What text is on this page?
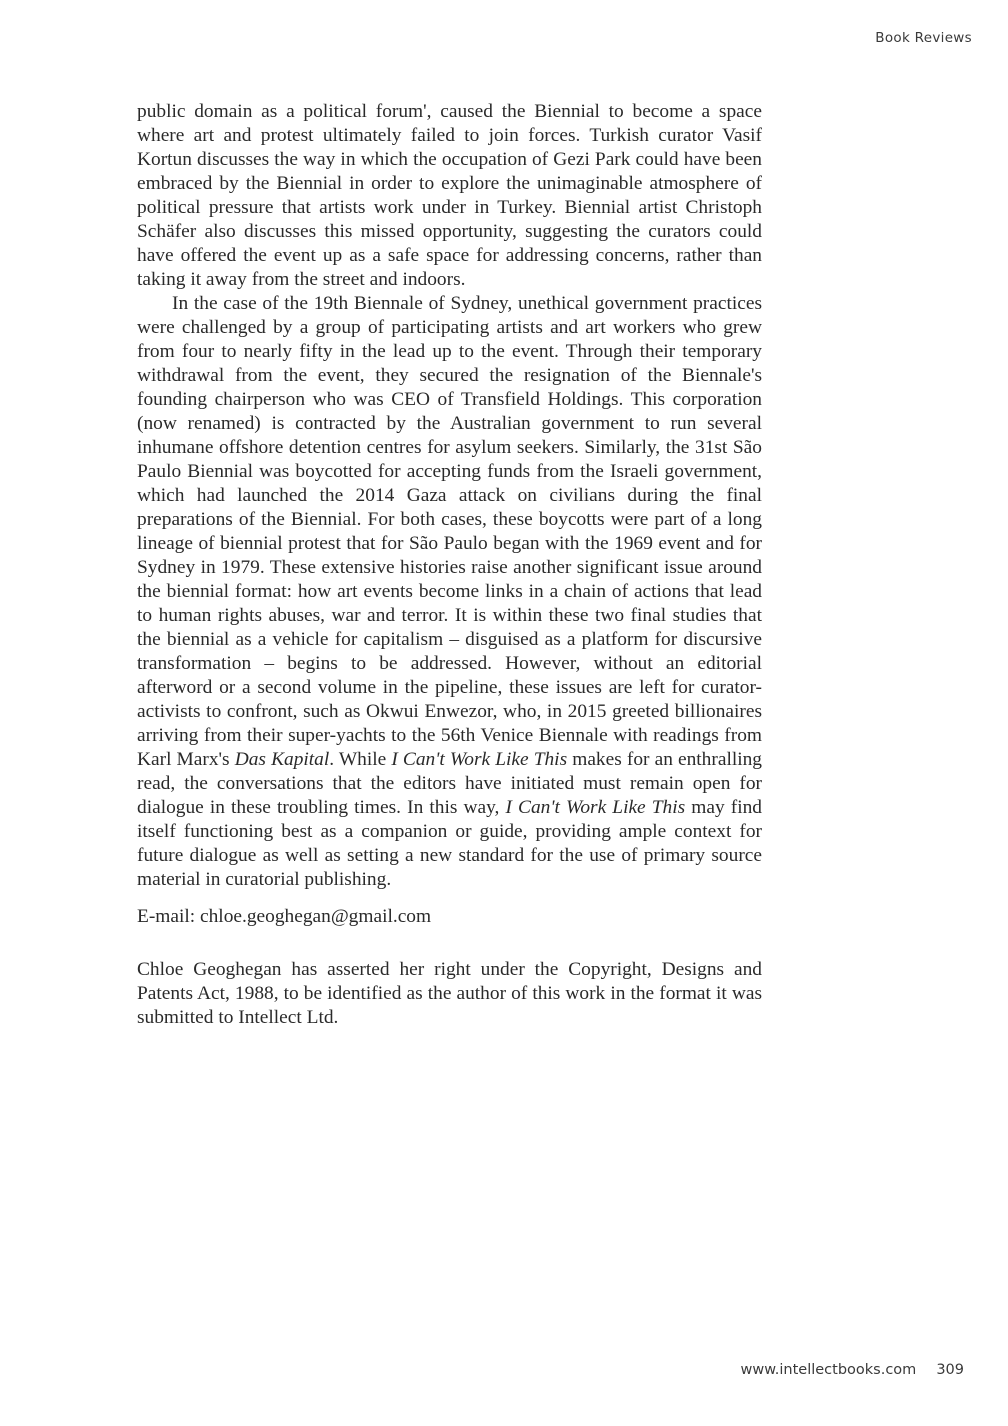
Book Reviews

public domain as a political forum', caused the Biennial to become a space where art and protest ultimately failed to join forces. Turkish curator Vasif Kortun discusses the way in which the occupation of Gezi Park could have been embraced by the Biennial in order to explore the unimaginable atmosphere of political pressure that artists work under in Turkey. Biennial artist Christoph Schäfer also discusses this missed opportunity, suggesting the curators could have offered the event up as a safe space for addressing concerns, rather than taking it away from the street and indoors.

In the case of the 19th Biennale of Sydney, unethical government practices were challenged by a group of participating artists and art workers who grew from four to nearly fifty in the lead up to the event. Through their temporary withdrawal from the event, they secured the resignation of the Biennale's founding chairperson who was CEO of Transfield Holdings. This corporation (now renamed) is contracted by the Australian government to run several inhumane offshore detention centres for asylum seekers. Similarly, the 31st São Paulo Biennial was boycotted for accepting funds from the Israeli government, which had launched the 2014 Gaza attack on civilians during the final preparations of the Biennial. For both cases, these boycotts were part of a long lineage of biennial protest that for São Paulo began with the 1969 event and for Sydney in 1979. These extensive histories raise another significant issue around the biennial format: how art events become links in a chain of actions that lead to human rights abuses, war and terror. It is within these two final studies that the biennial as a vehicle for capitalism – disguised as a platform for discursive transformation – begins to be addressed. However, without an editorial afterword or a second volume in the pipeline, these issues are left for curator-activists to confront, such as Okwui Enwezor, who, in 2015 greeted billionaires arriving from their super-yachts to the 56th Venice Biennale with readings from Karl Marx's Das Kapital. While I Can't Work Like This makes for an enthralling read, the conversations that the editors have initiated must remain open for dialogue in these troubling times. In this way, I Can't Work Like This may find itself functioning best as a companion or guide, providing ample context for future dialogue as well as setting a new standard for the use of primary source material in curatorial publishing.

E-mail: chloe.geoghegan@gmail.com

Chloe Geoghegan has asserted her right under the Copyright, Designs and Patents Act, 1988, to be identified as the author of this work in the format it was submitted to Intellect Ltd.

www.intellectbooks.com 309
